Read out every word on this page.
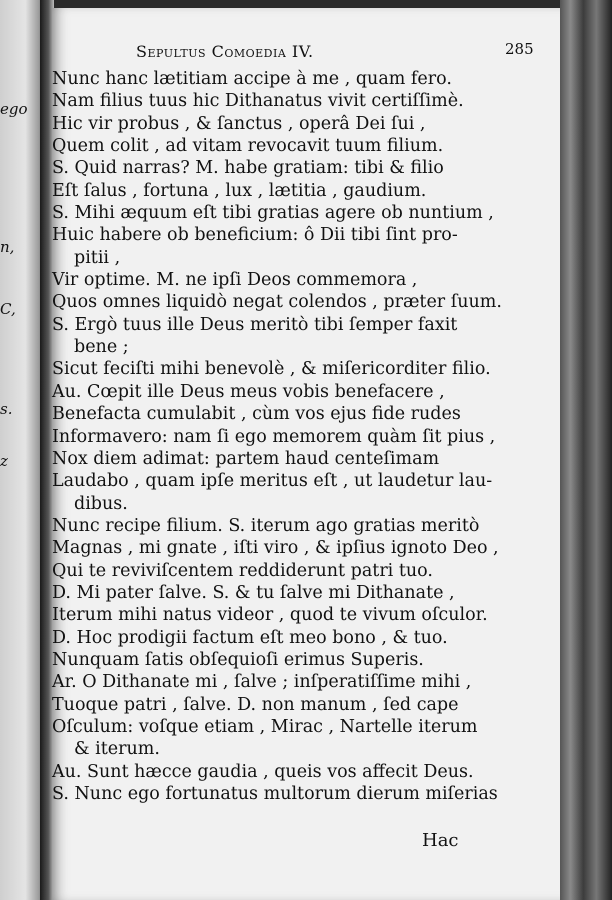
ego
n,
C,
s.
z
Sepultus Comoedia IV.	285
Nunc hanc lætitiam accipe à me , quam fero.
Nam filius tuus hic Dithanatus vivit certiſſimè.
Hic vir probus , & ſanctus , operâ Dei ſui ,
Quem colit , ad vitam revocavit tuum filium.
S. Quid narras? M. habe gratiam: tibi & filio
Eſt ſalus , fortuna , lux , lætitia , gaudium.
S. Mihi æquum eſt tibi gratias agere ob nuntium ,
Huic habere ob beneficium: ô Dii tibi ſint pro-
pitii ,
Vir optime. M. ne ipſi Deos commemora ,
Quos omnes liquidò negat colendos , præter ſuum.
S. Ergò tuus ille Deus meritò tibi ſemper faxit
bene ;
Sicut feciſti mihi benevolè , & miſericorditer filio.
Au. Cœpit ille Deus meus vobis benefacere ,
Benefacta cumulabit , cùm vos ejus fide rudes
Informavero: nam ſi ego memorem quàm ſit pius ,
Nox diem adimat: partem haud centeſimam
Laudabo , quam ipſe meritus eſt , ut laudetur lau-
dibus.
Nunc recipe filium. S. iterum ago gratias meritò
Magnas , mi gnate , iſti viro , & ipſius ignoto Deo ,
Qui te reviviſcentem reddiderunt patri tuo.
D. Mi pater ſalve. S. & tu ſalve mi Dithanate ,
Iterum mihi natus videor , quod te vivum oſculor.
D. Hoc prodigii factum eſt meo bono , & tuo.
Nunquam ſatis obſequioſi erimus Superis.
Ar. O Dithanate mi , ſalve ; inſperatiſſime mihi ,
Tuoque patri , ſalve. D. non manum , ſed cape
Oſculum: voſque etiam , Mirac , Nartelle iterum
& iterum.
Au. Sunt hæcce gaudia , queis vos affecit Deus.
S. Nunc ego fortunatus multorum dierum miſerias
Hac
